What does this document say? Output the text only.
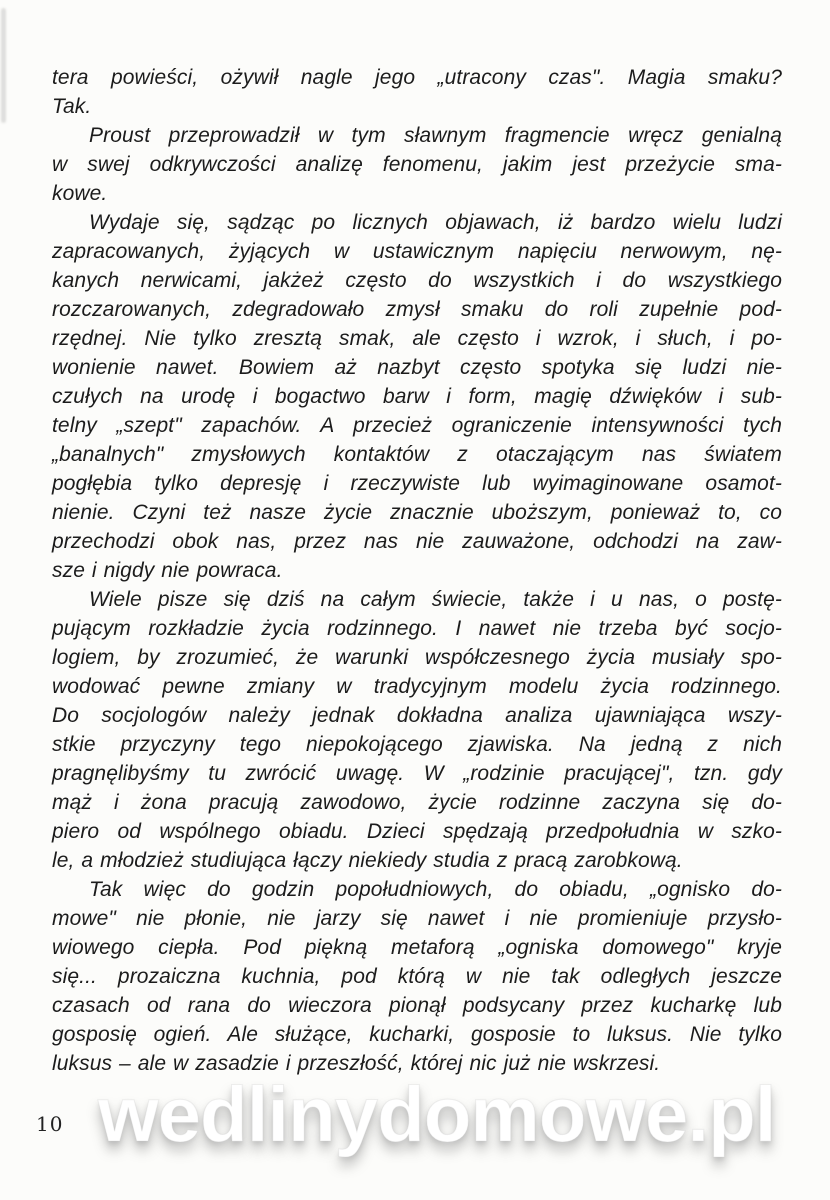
tera powieści, ożywił nagle jego „utracony czas". Magia smaku?
Tak.

Proust przeprowadził w tym sławnym fragmencie wręcz genialną
w swej odkrywczości analizę fenomenu, jakim jest przeżycie sma-
kowe.

Wydaje się, sądząc po licznych objawach, iż bardzo wielu ludzi
zapracowanych, żyjących w ustawicznym napięciu nerwowym, nę-
kanych nerwicami, jakżeż często do wszystkich i do wszystkiego
rozczarowanych, zdegradowało zmysł smaku do roli zupełnie pod-
rzędnej. Nie tylko zresztą smak, ale często i wzrok, i słuch, i po-
wonienie nawet. Bowiem aż nazbyt często spotyka się ludzi nie-
czułych na urodę i bogactwo barw i form, magię dźwięków i sub-
telny „szept" zapachów. A przecież ograniczenie intensywności tych
„banalnych" zmysłowych kontaktów z otaczającym nas światem
pogłębia tylko depresję i rzeczywiste lub wyimaginowane osamot-
nienie. Czyni też nasze życie znacznie uboższym, ponieważ to, co
przechodzi obok nas, przez nas nie zauważone, odchodzi na zaw-
sze i nigdy nie powraca.

Wiele pisze się dziś na całym świecie, także i u nas, o postę-
pującym rozkładzie życia rodzinnego. I nawet nie trzeba być socjo-
logiem, by zrozumieć, że warunki współczesnego życia musiały spo-
wodować pewne zmiany w tradycyjnym modelu życia rodzinnego.
Do socjologów należy jednak dokładna analiza ujawniająca wszy-
stkie przyczyny tego niepokojącego zjawiska. Na jedną z nich
pragnęlibyśmy tu zwrócić uwagę. W „rodzinie pracującej", tzn. gdy
mąż i żona pracują zawodowo, życie rodzinne zaczyna się do-
piero od wspólnego obiadu. Dzieci spędzają przedpołudnia w szko-
le, a młodzież studiująca łączy niekiedy studia z pracą zarobkową.

Tak więc do godzin popołudniowych, do obiadu, „ognisko do-
mowe" nie płonie, nie jarzy się nawet i nie promieniuje przysło-
wiowego ciepła. Pod piękną metaforą „ogniska domowego" kryje
się... prozaiczna kuchnia, pod którą w nie tak odległych jeszcze
czasach od rana do wieczora pionął podsycany przez kucharkę lub
gosposię ogień. Ale służące, kucharki, gosposie to luksus. Nie tylko
luksus – ale w zasadzie i przeszłość, której nic już nie wskrzesi.

wedlinydomowe.pl
10
